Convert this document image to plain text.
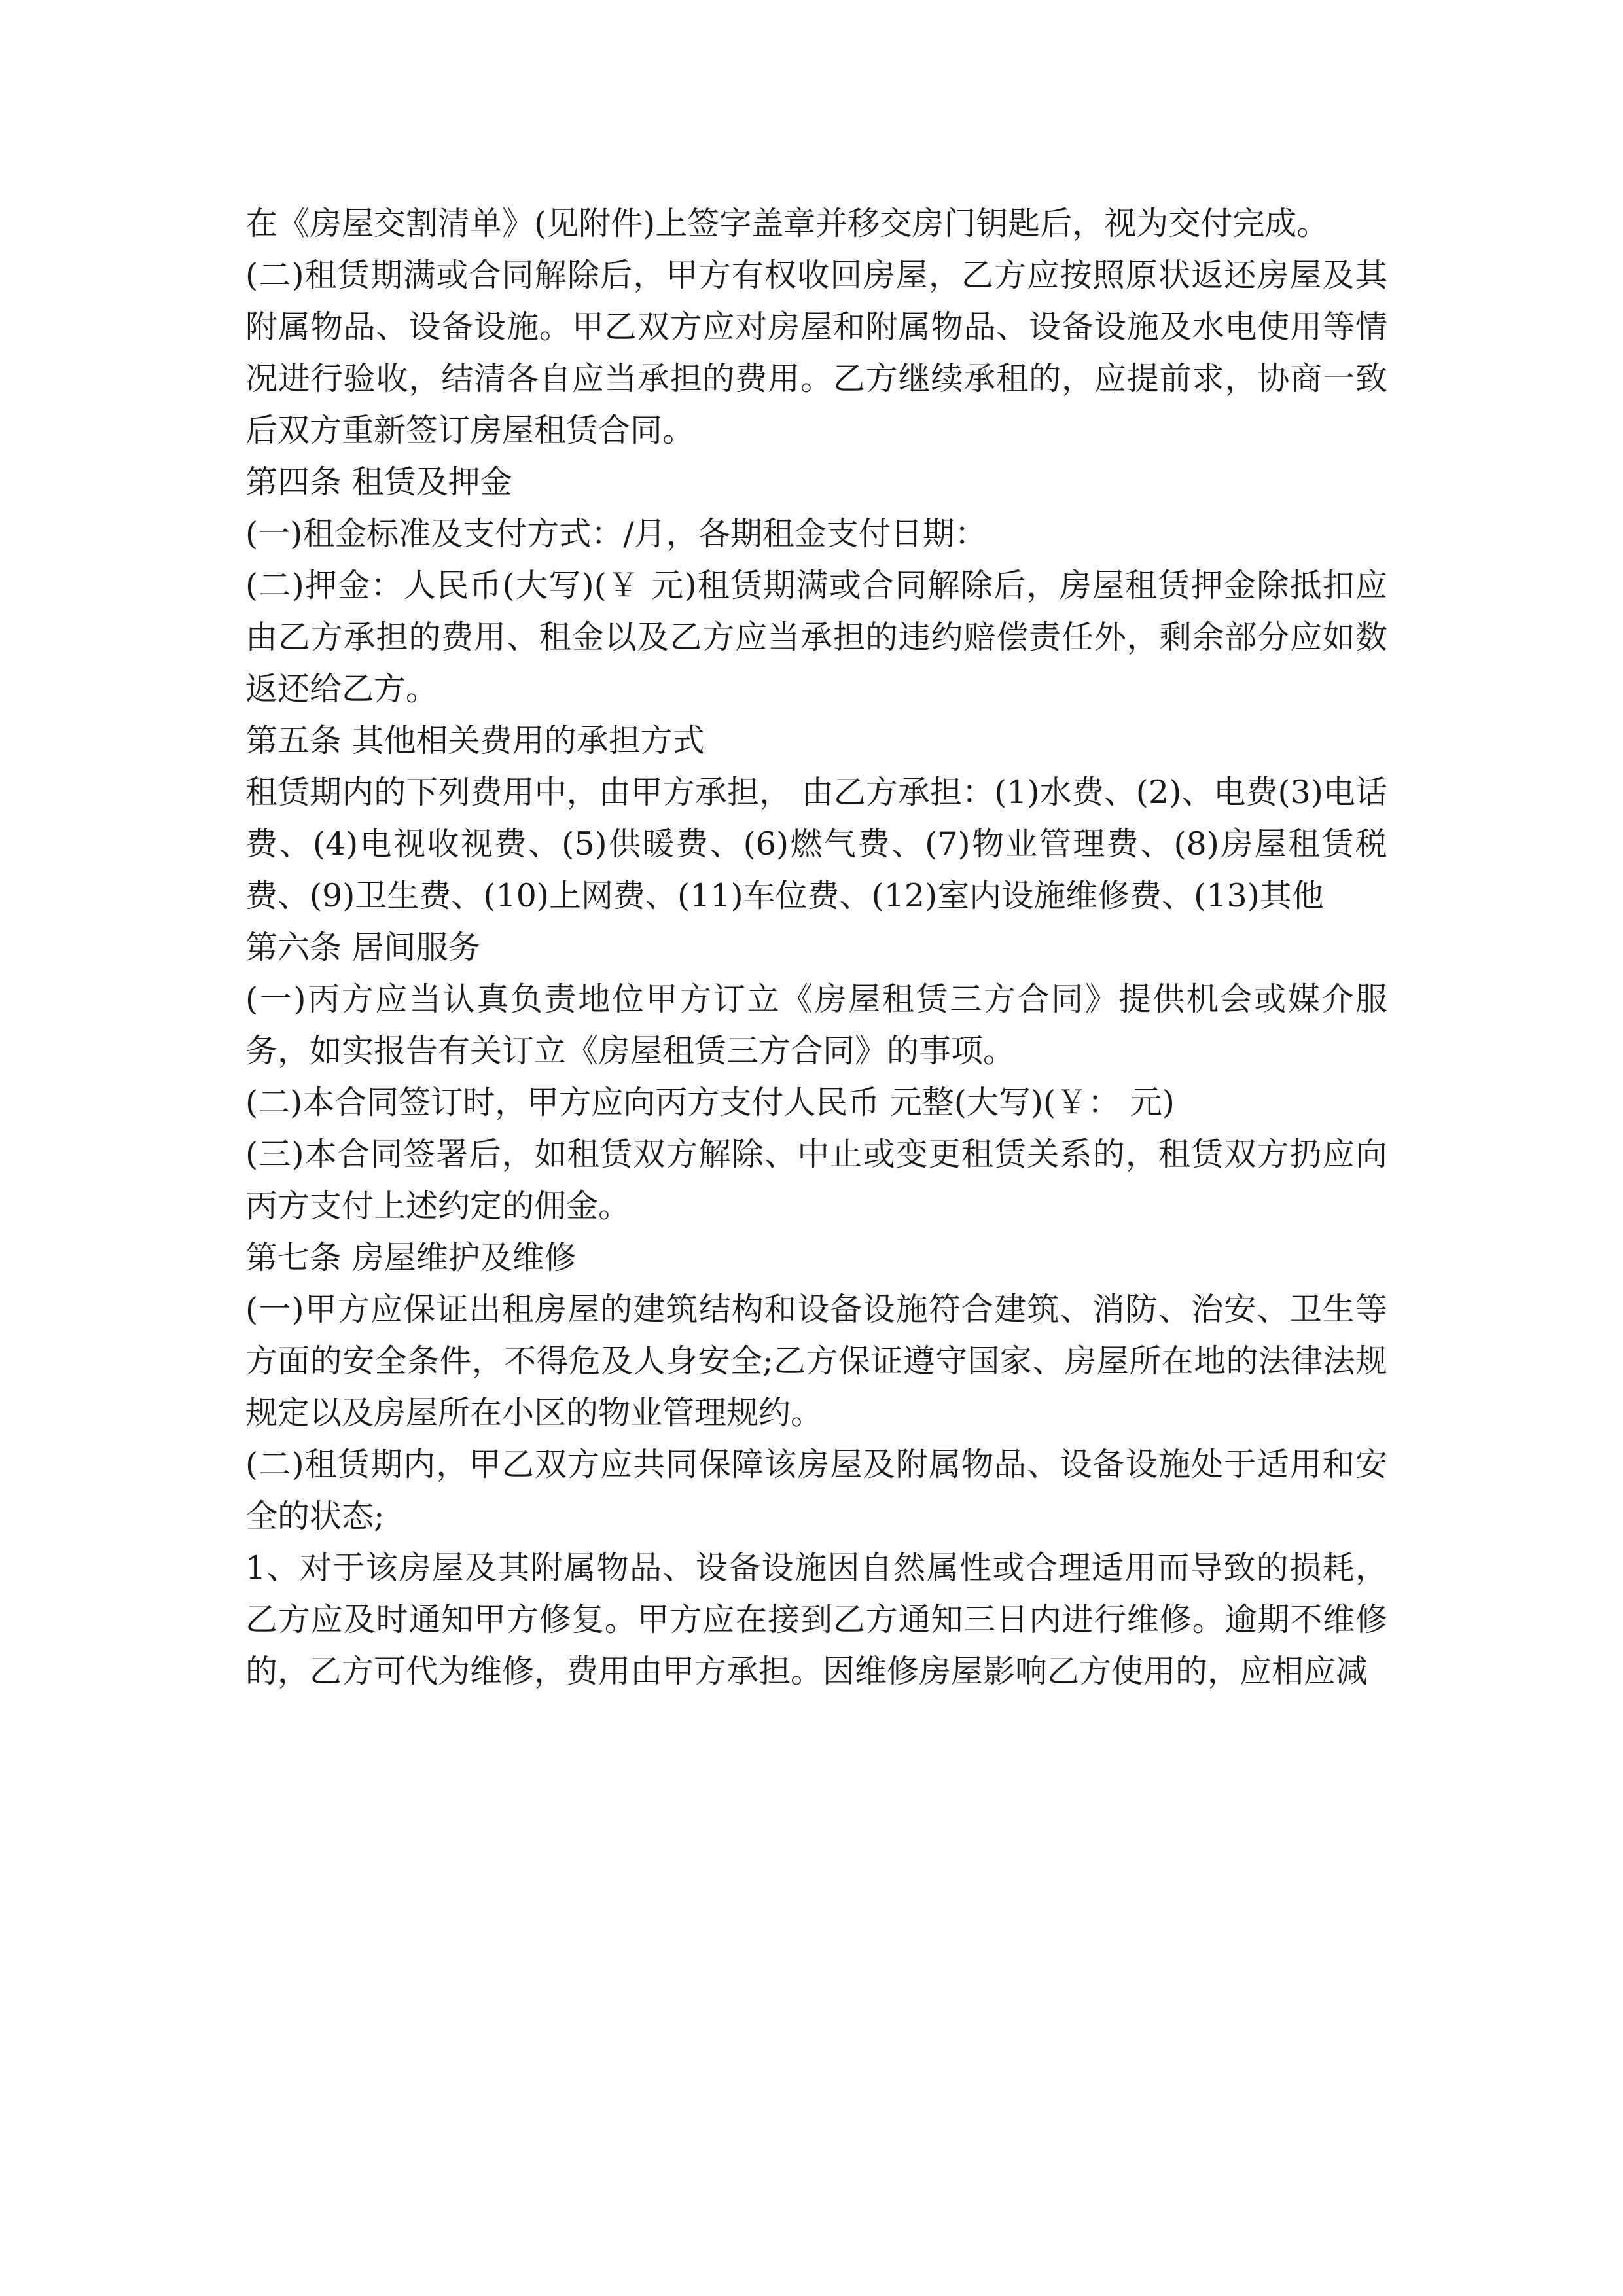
在《房屋交割清单》(见附件)上签字盖章并移交房门钥匙后，视为交付完成。

(二)租赁期满或合同解除后，甲方有权收回房屋，乙方应按照原状返还房屋及其附属物品、设备设施。甲乙双方应对房屋和附属物品、设备设施及水电使用等情况进行验收，结清各自应当承担的费用。乙方继续承租的，应提前求，协商一致后双方重新签订房屋租赁合同。

第四条 租赁及押金

(一)租金标准及支付方式：/月，各期租金支付日期：

(二)押金：人民币(大写)(￥ 元)租赁期满或合同解除后，房屋租赁押金除抵扣应由乙方承担的费用、租金以及乙方应当承担的违约赔偿责任外，剩余部分应如数返还给乙方。

第五条 其他相关费用的承担方式

租赁期内的下列费用中，由甲方承担， 由乙方承担：(1)水费、(2)、电费(3)电话费、(4)电视收视费、(5)供暖费、(6)燃气费、(7)物业管理费、(8)房屋租赁税费、(9)卫生费、(10)上网费、(11)车位费、(12)室内设施维修费、(13)其他

第六条 居间服务

(一)丙方应当认真负责地位甲方订立《房屋租赁三方合同》提供机会或媒介服务，如实报告有关订立《房屋租赁三方合同》的事项。

(二)本合同签订时，甲方应向丙方支付人民币 元整(大写)(￥： 元)

(三)本合同签署后，如租赁双方解除、中止或变更租赁关系的，租赁双方扔应向丙方支付上述约定的佣金。

第七条 房屋维护及维修

(一)甲方应保证出租房屋的建筑结构和设备设施符合建筑、消防、治安、卫生等方面的安全条件，不得危及人身安全;乙方保证遵守国家、房屋所在地的法律法规规定以及房屋所在小区的物业管理规约。

(二)租赁期内，甲乙双方应共同保障该房屋及附属物品、设备设施处于适用和安全的状态;

1、对于该房屋及其附属物品、设备设施因自然属性或合理适用而导致的损耗，乙方应及时通知甲方修复。甲方应在接到乙方通知三日内进行维修。逾期不维修的，乙方可代为维修，费用由甲方承担。因维修房屋影响乙方使用的，应相应减
